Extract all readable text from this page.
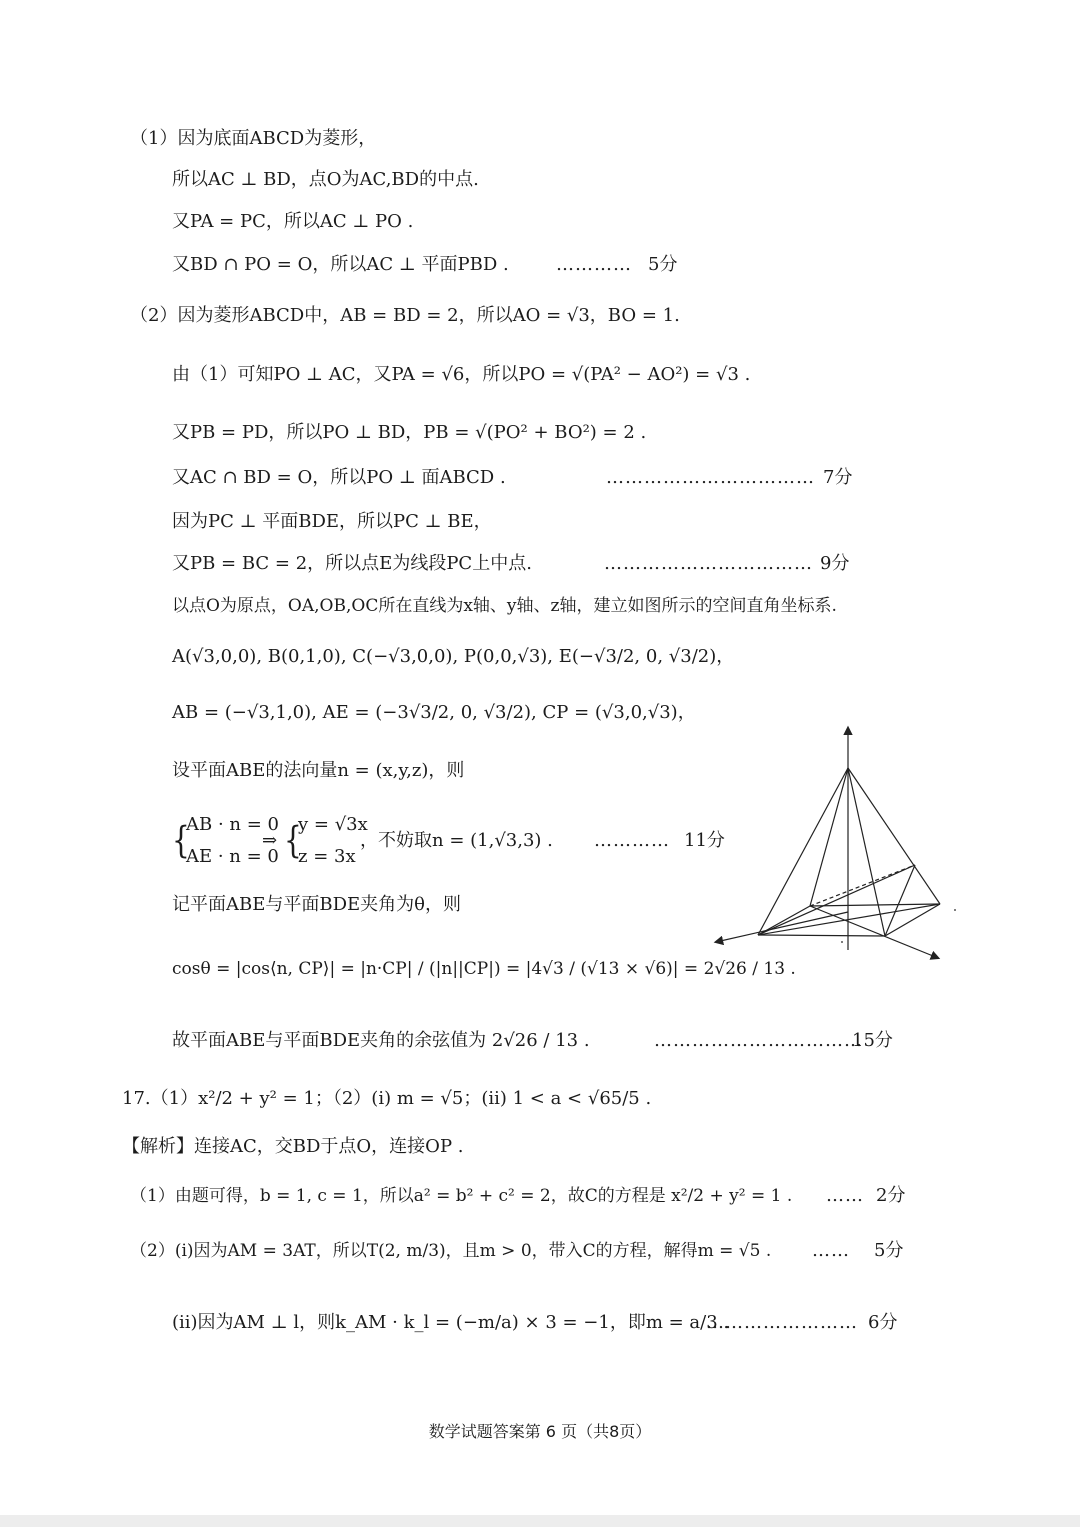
（1）因为底面ABCD为菱形，
所以AC ⊥ BD，点O为AC,BD的中点.
又PA = PC，所以AC ⊥ PO .
又BD ∩ PO = O，所以AC ⊥ 平面PBD .	………… 5分
（2）因为菱形ABCD中，AB = BD = 2，所以AO = √3，BO = 1.
由（1）可知PO ⊥ AC，又PA = √6，所以PO = √(PA² − AO²) = √3 .
又PB = PD，所以PO ⊥ BD，PB = √(PO² + BO²) = 2 .
又AC ∩ BD = O，所以PO ⊥ 面ABCD .	…………………………… 7分
因为PC ⊥ 平面BDE，所以PC ⊥ BE，
又PB = BC = 2，所以点E为线段PC上中点.	…………………………… 9分
以点O为原点，OA,OB,OC所在直线为x轴、y轴、z轴，建立如图所示的空间直角坐标系.
A(√3,0,0), B(0,1,0), C(−√3,0,0), P(0,0,√3), E(−√3/2, 0, √3/2)，
AB = (−√3,1,0), AE = (−3√3/2, 0, √3/2), CP = (√3,0,√3)，
设平面ABE的法向量n = (x,y,z)，则
{
AB · n = 0
AE · n = 0
⇒ {
y = √3x
z = 3x
，不妨取n = (1,√3,3) . ………… 11分
记平面ABE与平面BDE夹角为θ，则
cosθ = |cos⟨n, CP⟩| = |n·CP| / (|n||CP|) = |4√3 / (√13 × √6)| = 2√26 / 13 .
故平面ABE与平面BDE夹角的余弦值为 2√26 / 13 .	……………………………
15分
17.（1）x²/2 + y² = 1；（2）(i) m = √5；(ii) 1 < a < √65/5 .
【解析】连接AC，交BD于点O，连接OP .
（1）由题可得，b = 1, c = 1，所以a² = b² + c² = 2，故C的方程是 x²/2 + y² = 1 . …… 2分
（2）(i)因为AM = 3AT，所以T(2, m/3)，且m > 0，带入C的方程，解得m = √5 . …… 5分
(ii)因为AM ⊥ l，则k_AM · k_l = (−m/a) × 3 = −1，即m = a/3 .
…………………… 6分
数学试题答案第 6 页（共8页）
